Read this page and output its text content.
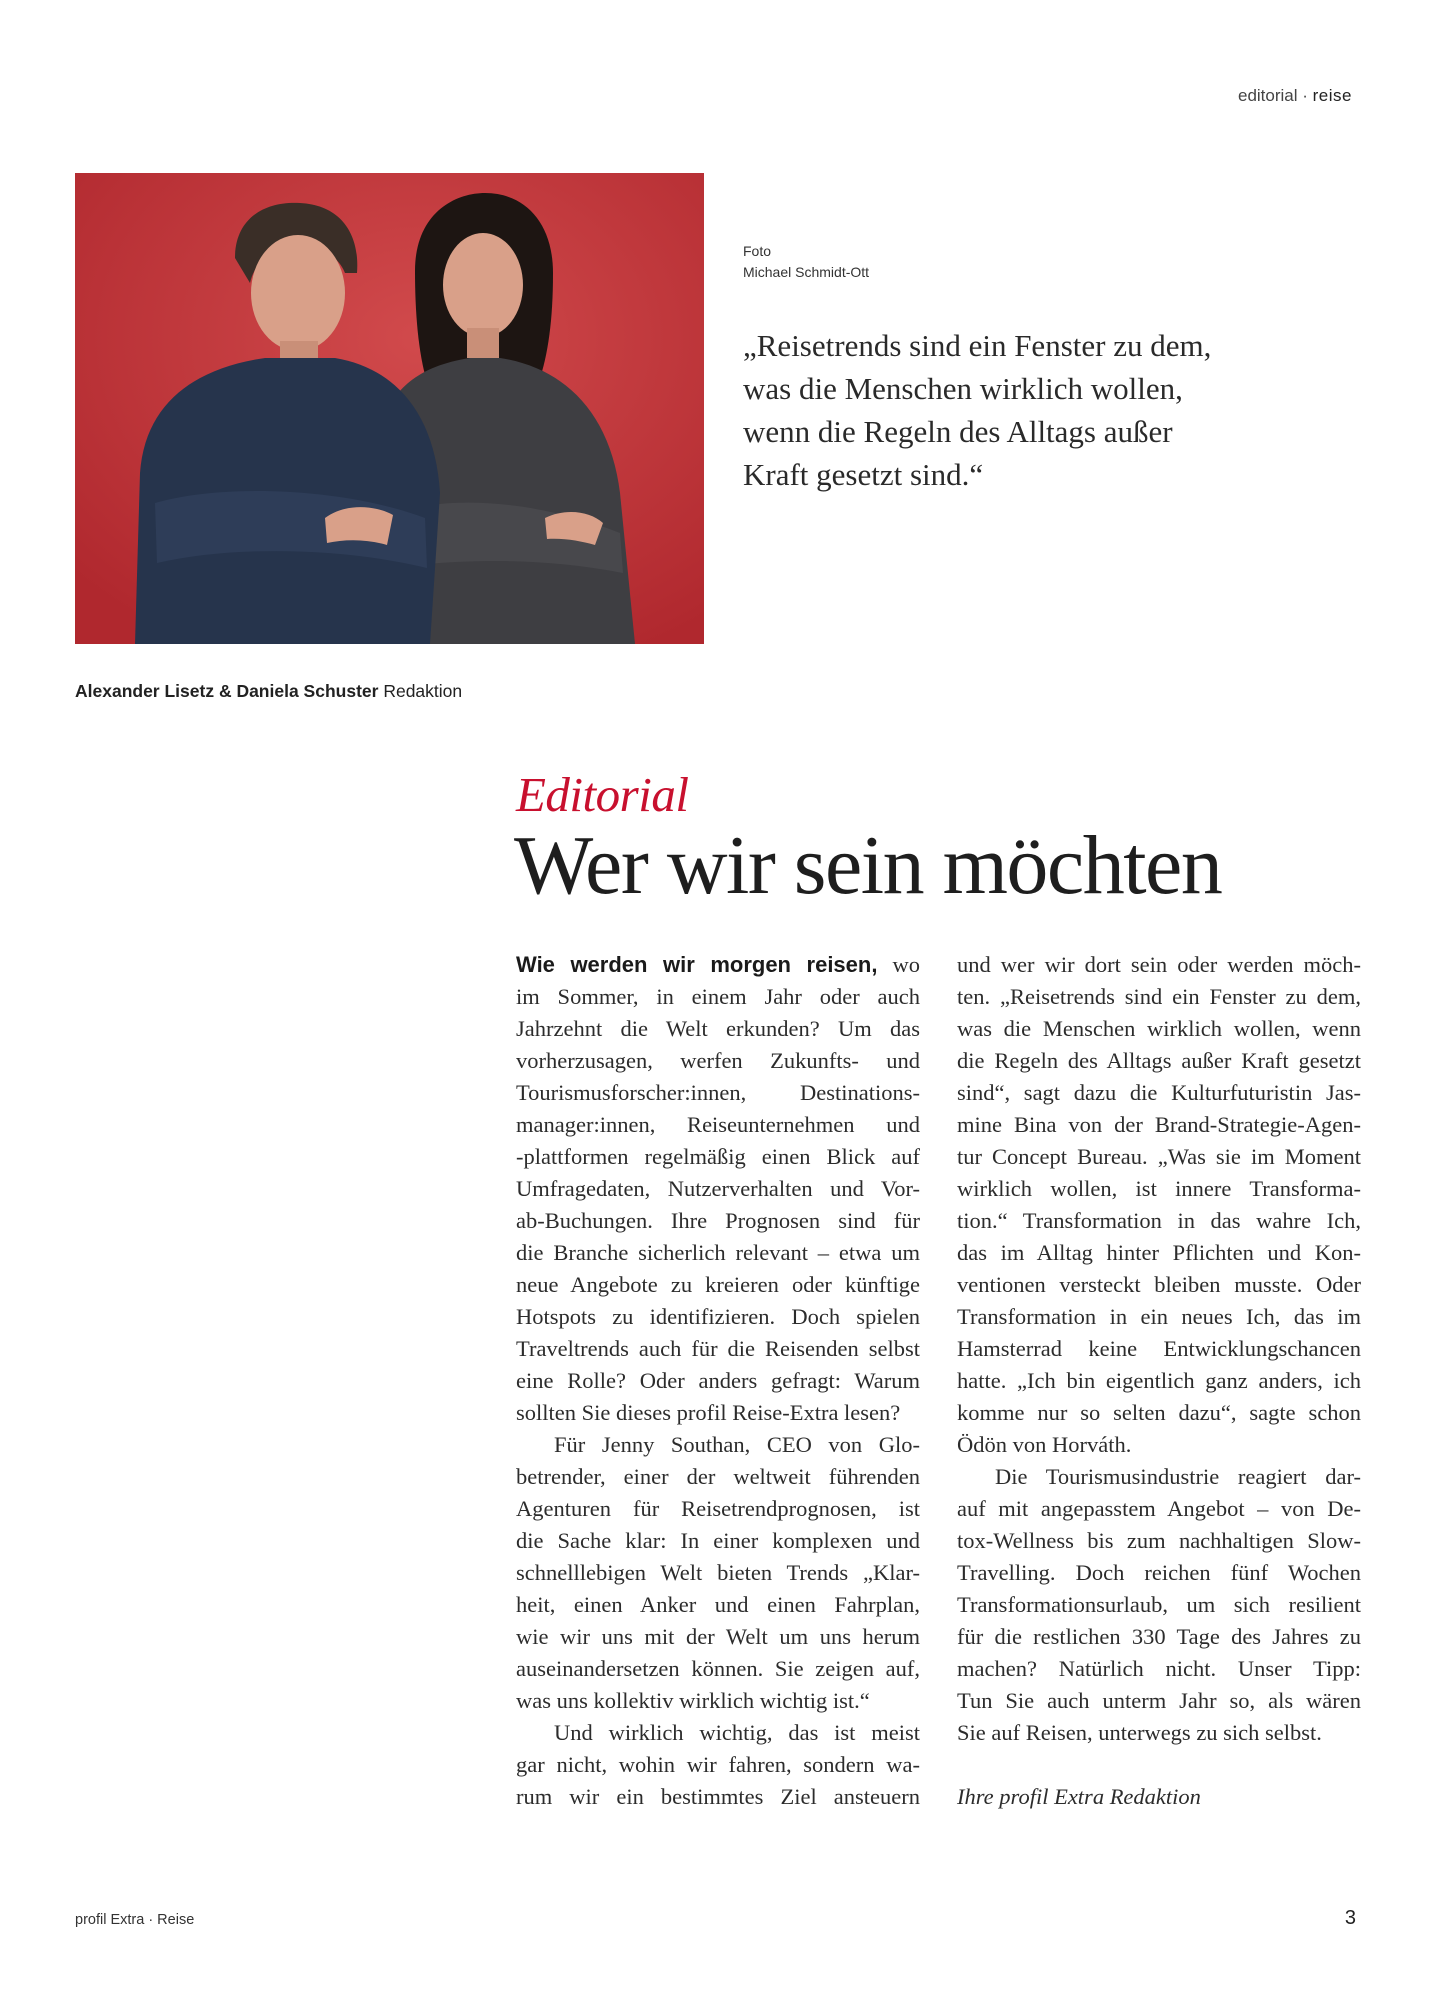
editorial · reise
Foto
Michael Schmidt-Ott
„Reisetrends sind ein Fenster zu dem,
was die Menschen wirklich wollen,
wenn die Regeln des Alltags außer
Kraft gesetzt sind.“
Alexander Lisetz & Daniela Schuster Redaktion
Editorial
Wer wir sein möchten
Wie werden wir morgen reisen, wo
im Sommer, in einem Jahr oder auch
Jahrzehnt die Welt erkunden? Um das
vorherzusagen, werfen Zukunfts- und
Tourismusforscher:innen, Destinations-
manager:innen, Reiseunternehmen und
-plattformen regelmäßig einen Blick auf
Umfragedaten, Nutzerverhalten und Vor-
ab-Buchungen. Ihre Prognosen sind für
die Branche sicherlich relevant – etwa um
neue Angebote zu kreieren oder künftige
Hotspots zu identifizieren. Doch spielen
Traveltrends auch für die Reisenden selbst
eine Rolle? Oder anders gefragt: Warum
sollten Sie dieses profil Reise-Extra lesen?
Für Jenny Southan, CEO von Glo-
betrender, einer der weltweit führenden
Agenturen für Reisetrendprognosen, ist
die Sache klar: In einer komplexen und
schnelllebigen Welt bieten Trends „Klar-
heit, einen Anker und einen Fahrplan,
wie wir uns mit der Welt um uns herum
auseinandersetzen können. Sie zeigen auf,
was uns kollektiv wirklich wichtig ist.“
Und wirklich wichtig, das ist meist
gar nicht, wohin wir fahren, sondern wa-
rum wir ein bestimmtes Ziel ansteuern
und wer wir dort sein oder werden möch-
ten. „Reisetrends sind ein Fenster zu dem,
was die Menschen wirklich wollen, wenn
die Regeln des Alltags außer Kraft gesetzt
sind“, sagt dazu die Kulturfuturistin Jas-
mine Bina von der Brand-Strategie-Agen-
tur Concept Bureau. „Was sie im Moment
wirklich wollen, ist innere Transforma-
tion.“ Transformation in das wahre Ich,
das im Alltag hinter Pflichten und Kon-
ventionen versteckt bleiben musste. Oder
Transformation in ein neues Ich, das im
Hamsterrad keine Entwicklungschancen
hatte. „Ich bin eigentlich ganz anders, ich
komme nur so selten dazu“, sagte schon
Ödön von Horváth.
Die Tourismusindustrie reagiert dar-
auf mit angepasstem Angebot – von De-
tox-Wellness bis zum nachhaltigen Slow-
Travelling. Doch reichen fünf Wochen
Transformationsurlaub, um sich resilient
für die restlichen 330 Tage des Jahres zu
machen? Natürlich nicht. Unser Tipp:
Tun Sie auch unterm Jahr so, als wären
Sie auf Reisen, unterwegs zu sich selbst.
Ihre profil Extra Redaktion
profil Extra · Reise	3
